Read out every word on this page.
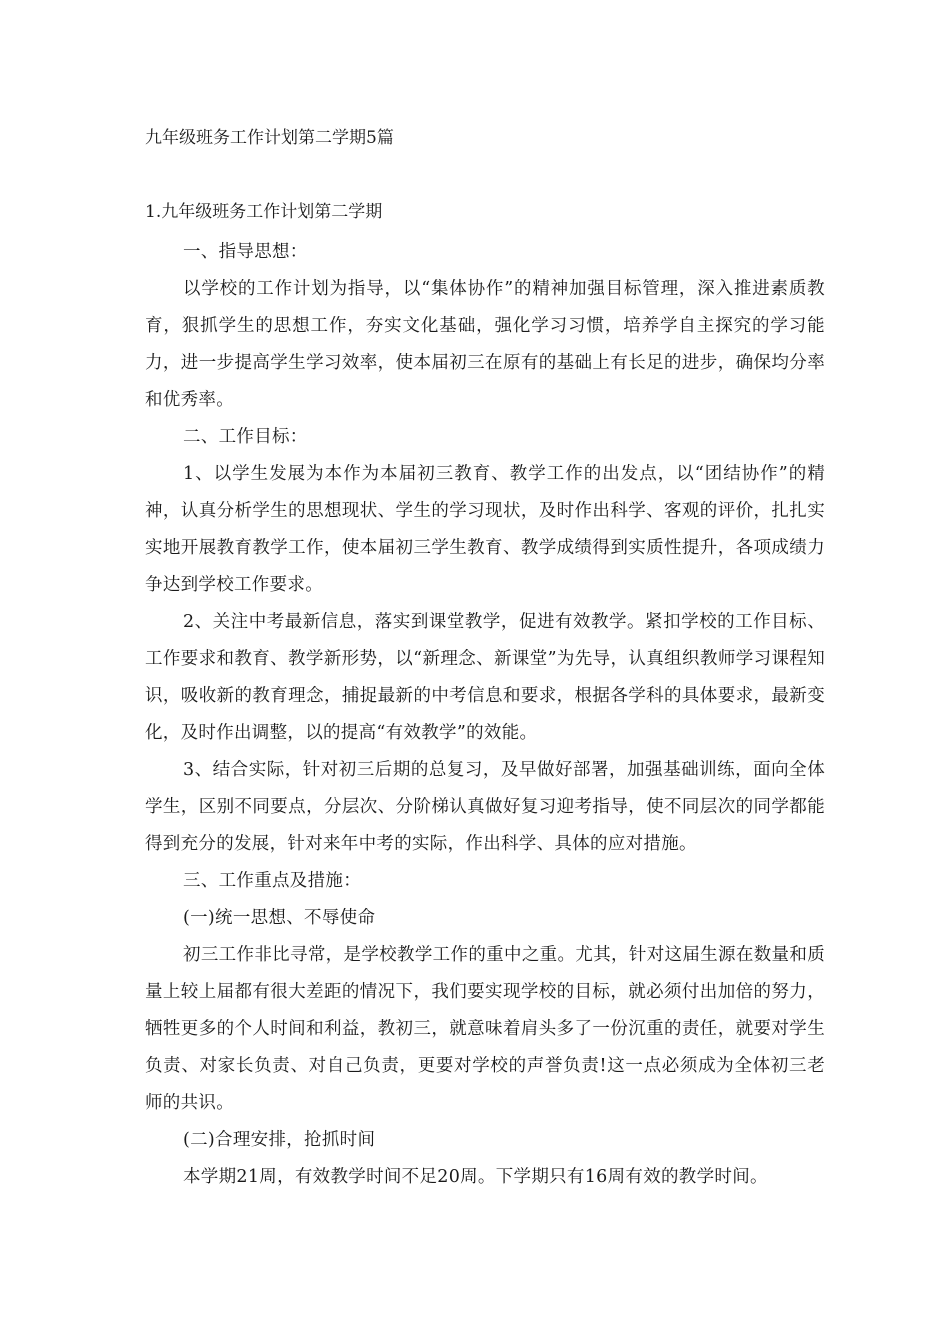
九年级班务工作计划第二学期5篇
1.九年级班务工作计划第二学期

一、指导思想：

以学校的工作计划为指导，以“集体协作”的精神加强目标管理，深入推进素质教育，狠抓学生的思想工作，夯实文化基础，强化学习习惯，培养学自主探究的学习能力，进一步提高学生学习效率，使本届初三在原有的基础上有长足的进步，确保均分率和优秀率。

二、工作目标：

1、以学生发展为本作为本届初三教育、教学工作的出发点，以“团结协作”的精神，认真分析学生的思想现状、学生的学习现状，及时作出科学、客观的评价，扎扎实实地开展教育教学工作，使本届初三学生教育、教学成绩得到实质性提升，各项成绩力争达到学校工作要求。

2、关注中考最新信息，落实到课堂教学，促进有效教学。紧扣学校的工作目标、工作要求和教育、教学新形势，以“新理念、新课堂”为先导，认真组织教师学习课程知识，吸收新的教育理念，捕捉最新的中考信息和要求，根据各学科的具体要求，最新变化，及时作出调整，以的提高“有效教学”的效能。

3、结合实际，针对初三后期的总复习，及早做好部署，加强基础训练，面向全体学生，区别不同要点，分层次、分阶梯认真做好复习迎考指导，使不同层次的同学都能得到充分的发展，针对来年中考的实际，作出科学、具体的应对措施。

三、工作重点及措施：

(一)统一思想、不辱使命

初三工作非比寻常，是学校教学工作的重中之重。尤其，针对这届生源在数量和质量上较上届都有很大差距的情况下，我们要实现学校的目标，就必须付出加倍的努力，牺牲更多的个人时间和利益，教初三，就意味着肩头多了一份沉重的责任，就要对学生负责、对家长负责、对自己负责，更要对学校的声誉负责!这一点必须成为全体初三老师的共识。

(二)合理安排，抢抓时间

本学期21周，有效教学时间不足20周。下学期只有16周有效的教学时间。
